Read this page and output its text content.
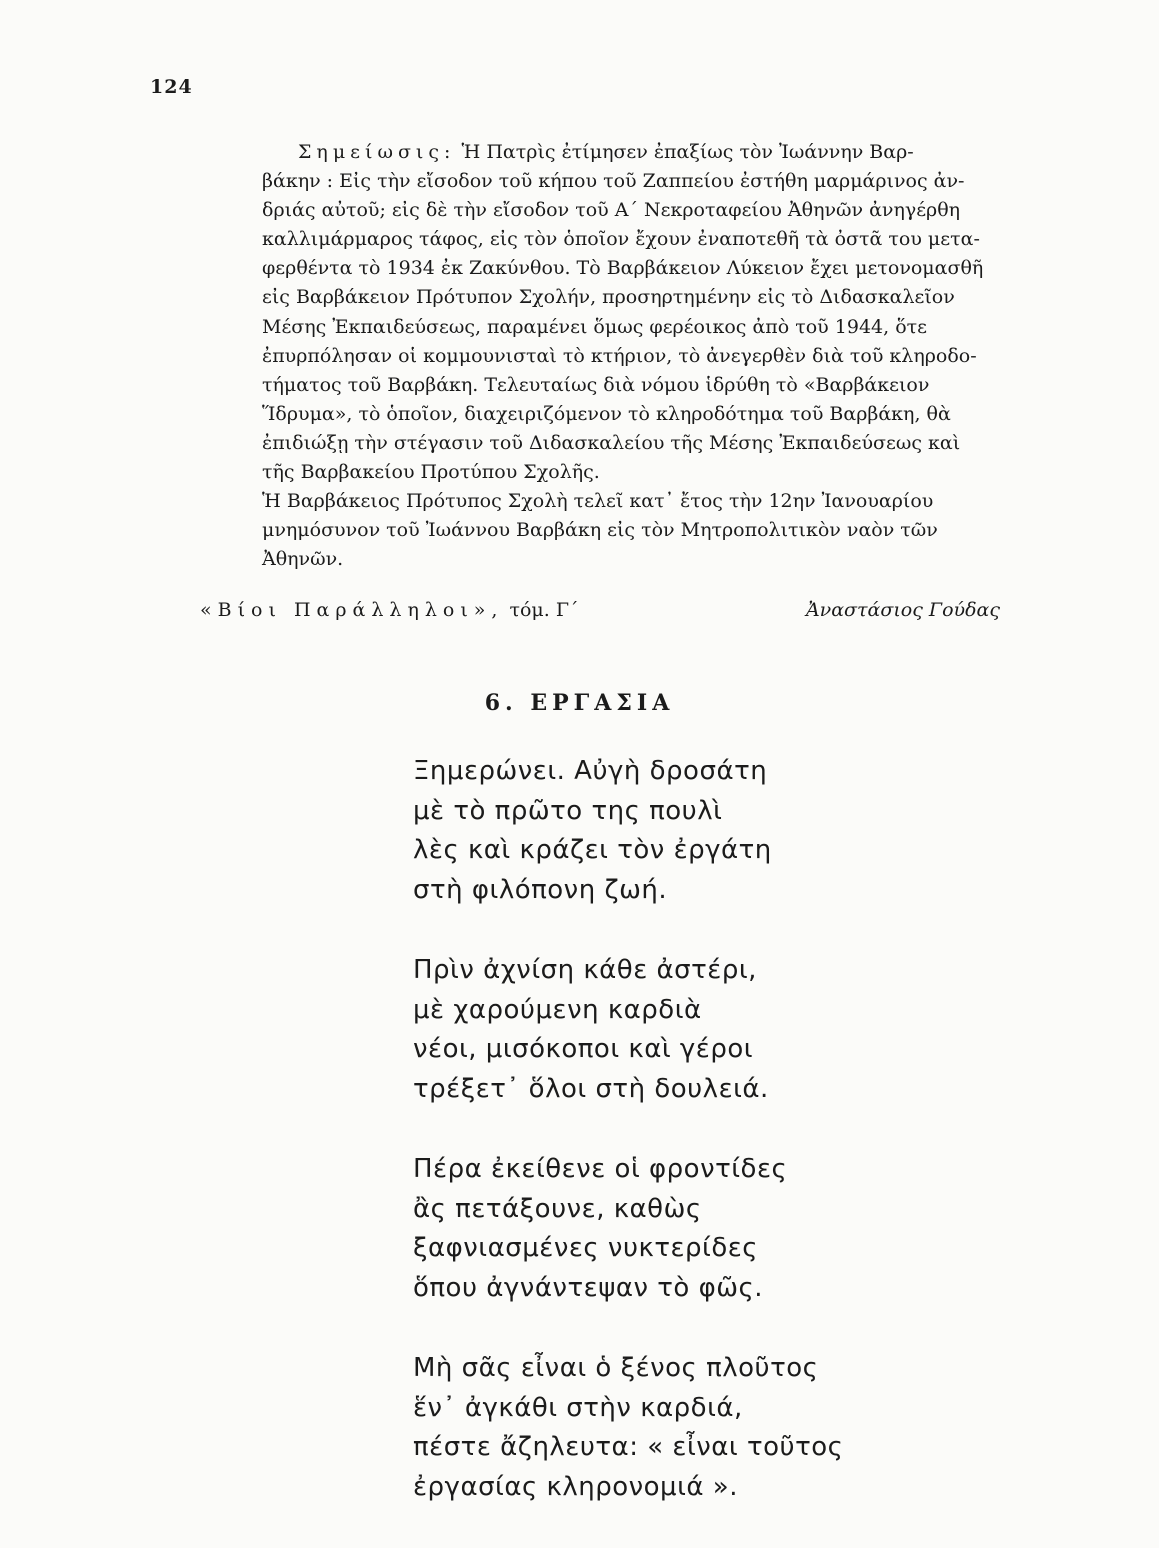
124
Σημείωσις: Ἡ Πατρὶς ἐτίμησεν ἐπαξίως τὸν Ἰωάννην Βαρ-
βάκην : Εἰς τὴν εἴσοδον τοῦ κήπου τοῦ Ζαππείου ἐστήθη μαρμάρινος ἀν-
δριάς αὐτοῦ; εἰς δὲ τὴν εἴσοδον τοῦ Α΄ Νεκροταφείου Ἀθηνῶν ἀνηγέρθη
καλλιμάρμαρος τάφος, εἰς τὸν ὁποῖον ἔχουν ἐναποτεθῆ τὰ ὀστᾶ του μετα-
φερθέντα τὸ 1934 ἐκ Ζακύνθου. Τὸ Βαρβάκειον Λύκειον ἔχει μετονομασθῆ
εἰς Βαρβάκειον Πρότυπον Σχολήν, προσηρτημένην εἰς τὸ Διδασκαλεῖον
Μέσης Ἐκπαιδεύσεως, παραμένει ὅμως φερέοικος ἀπὸ τοῦ 1944, ὅτε
ἐπυρπόλησαν οἱ κομμουνισταὶ τὸ κτήριον, τὸ ἀνεγερθὲν διὰ τοῦ κληροδο-
τήματος τοῦ Βαρβάκη. Τελευταίως διὰ νόμου ἱδρύθη τὸ «Βαρβάκειον
Ἵδρυμα», τὸ ὁποῖον, διαχειριζόμενον τὸ κληροδότημα τοῦ Βαρβάκη, θὰ
ἐπιδιώξῃ τὴν στέγασιν τοῦ Διδασκαλείου τῆς Μέσης Ἐκπαιδεύσεως καὶ
τῆς Βαρβακείου Προτύπου Σχολῆς.
Ἡ Βαρβάκειος Πρότυπος Σχολὴ τελεῖ κατ᾽ ἔτος τὴν 12ην Ἰανουαρίου
μνημόσυνον τοῦ Ἰωάννου Βαρβάκη εἰς τὸν Μητροπολιτικὸν ναὸν τῶν
Ἀθηνῶν.
«Βίοι Παράλληλοι», τόμ. Γ΄	Ἀναστάσιος Γούδας
6. ΕΡΓΑΣΙΑ
Ξημερώνει. Αὐγὴ δροσάτη
μὲ τὸ πρῶτο της πουλὶ
λὲς καὶ κράζει τὸν ἐργάτη
στὴ φιλόπονη ζωή.
Πρὶν ἀχνίση κάθε ἀστέρι,
μὲ χαρούμενη καρδιὰ
νέοι, μισόκοποι καὶ γέροι
τρέξετ᾽ ὅλοι στὴ δουλειά.
Πέρα ἐκείθενε οἱ φροντίδες
ἂς πετάξουνε, καθὼς
ξαφνιασμένες νυκτερίδες
ὅπου ἀγνάντεψαν τὸ φῶς.
Μὴ σᾶς εἶναι ὁ ξένος πλοῦτος
ἕν᾽ ἀγκάθι στὴν καρδιά,
πέστε ἄζηλευτα: « εἶναι τοῦτος
ἐργασίας κληρονομιά ».
